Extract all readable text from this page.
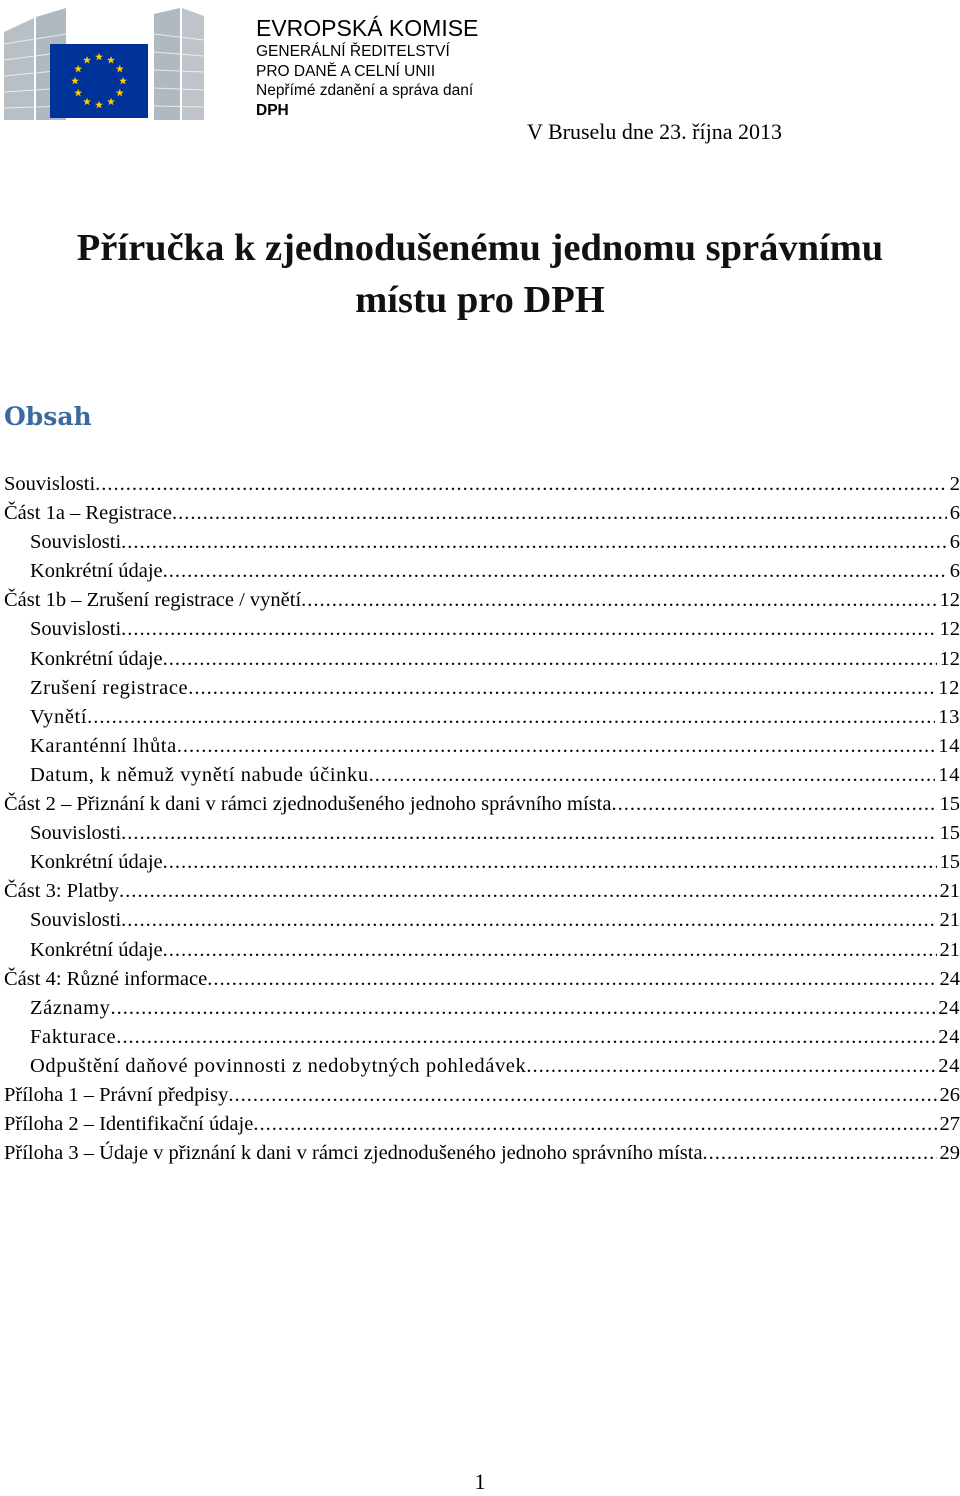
EVROPSKÁ KOMISE
GENERÁLNÍ ŘEDITELSTVÍ
PRO DANĚ A CELNÍ UNII
Nepřímé zdanění a správa daní
DPH
V Bruselu dne 23. října 2013
Příručka k zjednodušenému jednomu správnímu
místu pro DPH
Obsah
Souvislosti .....	2
Část 1a – Registrace .....	6
Souvislosti .....	6
Konkrétní údaje .....	6
Část 1b – Zrušení registrace / vynětí .....	12
Souvislosti .....	12
Konkrétní údaje .....	12
Zrušení registrace .....	12
Vynětí .....	13
Karanténní lhůta .....	14
Datum, k němuž vynětí nabude účinku .....	14
Část 2 – Přiznání k dani v rámci zjednodušeného jednoho správního místa .....	15
Souvislosti .....	15
Konkrétní údaje .....	15
Část 3: Platby .....	21
Souvislosti .....	21
Konkrétní údaje .....	21
Část 4: Různé informace .....	24
Záznamy .....	24
Fakturace .....	24
Odpuštění daňové povinnosti z nedobytných pohledávek .....	24
Příloha 1 – Právní předpisy .....	26
Příloha 2 – Identifikační údaje .....	27
Příloha 3 – Údaje v přiznání k dani v rámci zjednodušeného jednoho správního místa .....	29
1
